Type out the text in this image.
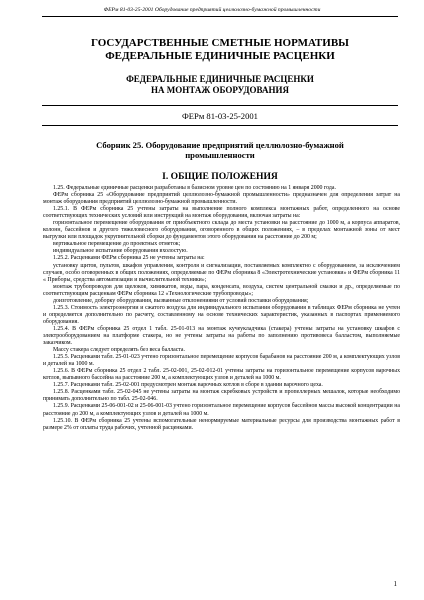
ФЕРм 81-03-25-2001 Оборудование предприятий целлюлозно-бумажной промышленности
ГОСУДАРСТВЕННЫЕ СМЕТНЫЕ НОРМАТИВЫ
ФЕДЕРАЛЬНЫЕ ЕДИНИЧНЫЕ РАСЦЕНКИ
ФЕДЕРАЛЬНЫЕ ЕДИНИЧНЫЕ РАСЦЕНКИ
НА МОНТАЖ ОБОРУДОВАНИЯ
ФЕРм 81-03-25-2001
Сборник 25. Оборудование предприятий целлюлозно-бумажной
промышленности
I. ОБЩИЕ ПОЛОЖЕНИЯ

1.25. Федеральные единичные расценки разработаны в базисном уровне цен по состоянию на 1 января 2000 года.

ФЕРм сборника 25 «Оборудование предприятий целлюлозно-бумажной промышленности» предназначен для определения затрат на монтаж оборудования предприятий целлюлозно-бумажной промышленности.

1.25.1. В ФЕРм сборника 25 учтены затраты на выполнение полного комплекса монтажных работ, определенного на основе соответствующих технических условий или инструкций на монтаж оборудования, включая затраты на:

горизонтальное перемещение оборудования от приобъектного склада до места установки на расстояние до 1000 м, а корпуса аппаратов, колонн, бассейнов и другого тяжеловесного оборудования, оговоренного в общих положениях, – в пределах монтажной зоны от мест выгрузки или площадок укрупнительной сборки до фундаментов этого оборудования на расстояние до 200 м;

вертикальное перемещение до проектных отметок;

индивидуальное испытание оборудования вхолостую.

1.25.2. Расценками ФЕРм сборника 25 не учтены затраты на:

установку щитов, пультов, шкафов управления, контроля и сигнализации, поставляемых комплектно с оборудованием, за исключением случаев, особо оговоренных в общих положениях, определяемые по ФЕРм сборника 8 «Электротехнические установки» и ФЕРм сборника 11 « Приборы, средства автоматизации и вычислительной техники»;

монтаж трубопроводов для щелоков, химикатов, воды, пара, конденсата, воздуха, систем центральной смазки и др., определяемые по соответствующим расценкам ФЕРм сборника 12 «Технологические трубопроводы»;

доизготовление, доборку оборудования, вызванные отклонениями от условий поставки оборудования;

1.25.3. Стоимость электроэнергии и сжатого воздуха для индивидуального испытания оборудования в таблицах ФЕРм сборника не учтен и определяется дополнительно по расчету, составленному на основе технических характеристик, указанных в паспортах применяемого оборудования.

1.25.4. В ФЕРм сборника 25 отдел 1 табл. 25-01-013 на монтаж кучеукладчика (стакера) учтены затраты на установку шкафов с электрооборудованием на платформе стакера, но не учтены затраты на работы по заполнению противовеса балластом, выполняемые заказчиком.

Массу стакера следует определять без веса балласта.

1.25.5. Расценками табл. 25-01-023 учтено горизонтальное перемещение корпусов барабанов на расстояние 200 м, а комплектующих узлов и деталей на 1000 м.

1.25.6. В ФЕРм сборника 25 отдел 2 табл. 25-02-001, 25-02-012-01 учтены затраты на горизонтальное перемещение корпусов варочных котлов, выпывного бассейна на расстояние 200 м, а комплектующих узлов и деталей на 1000 м.

1.25.7. Расценками табл. 25-02-001 предусмотрен монтаж варочных котлов в сборе в здании варочного цеха.

1.25.8. Расценками табл. 25-02-045 не учтены затраты на монтаж скребковых устройств и пропеллерных мешалок, которые необходимо принимать дополнительно по табл. 25-02-046.

1.25.9. Расценками 25-06-001-02 и 25-06-001-03 учтено горизонтальное перемещение корпусов бассейнов массы высокой концентрации на расстояние до 200 м, а комплектующих узлов и деталей на 1000 м.

1.25.10. В ФЕРм сборника 25 учтены вспомогательные ненормируемые материальные ресурсы для производства монтажных работ в размере 2% от оплаты труда рабочих, учтенной расценками.

1
